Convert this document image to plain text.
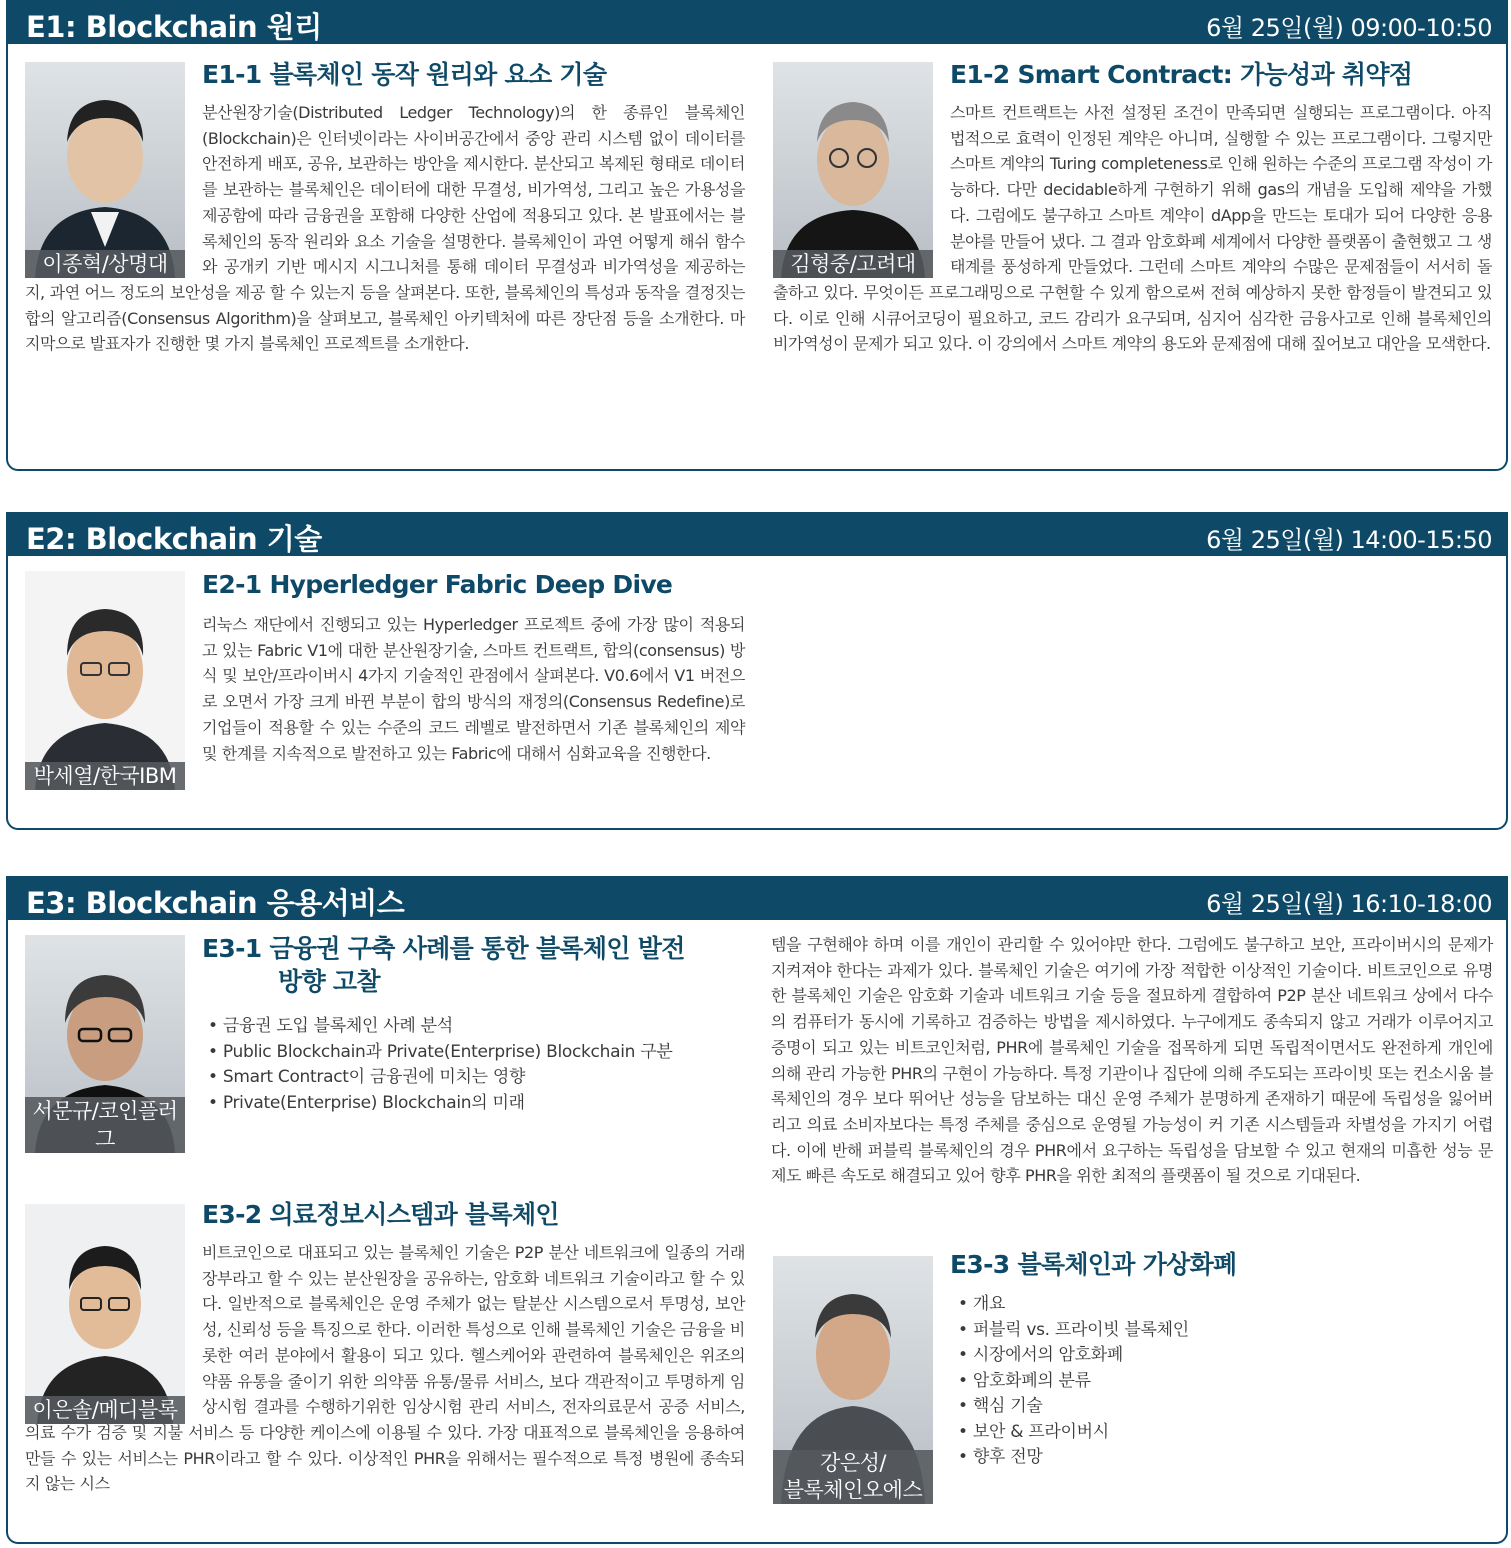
E1: Blockchain 원리	6월 25일(월) 09:00-10:50
이종혁/상명대
E1-1 블록체인 동작 원리와 요소 기술

분산원장기술(Distributed Ledger Technology)의 한 종류인 블록체인(Blockchain)은 인터넷이라는 사이버공간에서 중앙 관리 시스템 없이 데이터를 안전하게 배포, 공유, 보관하는 방안을 제시한다. 분산되고 복제된 형태로 데이터를 보관하는 블록체인은 데이터에 대한 무결성, 비가역성, 그리고 높은 가용성을 제공함에 따라 금융권을 포함해 다양한 산업에 적용되고 있다. 본 발표에서는 블록체인의 동작 원리와 요소 기술을 설명한다. 블록체인이 과연 어떻게 해쉬 함수와 공개키 기반 메시지 시그니처를 통해 데이터 무결성과 비가역성을 제공하는지, 과연 어느 정도의 보안성을 제공 할 수 있는지 등을 살펴본다. 또한, 블록체인의 특성과 동작을 결정짓는 합의 알고리즘(Consensus Algorithm)을 살펴보고, 블록체인 아키텍처에 따른 장단점 등을 소개한다. 마지막으로 발표자가 진행한 몇 가지 블록체인 프로젝트를 소개한다.

김형중/고려대
E1-2 Smart Contract: 가능성과 취약점

스마트 컨트랙트는 사전 설정된 조건이 만족되면 실행되는 프로그램이다. 아직 법적으로 효력이 인정된 계약은 아니며, 실행할 수 있는 프로그램이다. 그렇지만 스마트 계약의 Turing completeness로 인해 원하는 수준의 프로그램 작성이 가능하다. 다만 decidable하게 구현하기 위해 gas의 개념을 도입해 제약을 가했다. 그럼에도 불구하고 스마트 계약이 dApp을 만드는 토대가 되어 다양한 응용분야를 만들어 냈다. 그 결과 암호화폐 세계에서 다양한 플랫폼이 출현했고 그 생태계를 풍성하게 만들었다. 그런데 스마트 계약의 수많은 문제점들이 서서히 돌출하고 있다. 무엇이든 프로그래밍으로 구현할 수 있게 함으로써 전혀 예상하지 못한 함정들이 발견되고 있다. 이로 인해 시큐어코딩이 필요하고, 코드 감리가 요구되며, 심지어 심각한 금융사고로 인해 블록체인의 비가역성이 문제가 되고 있다. 이 강의에서 스마트 계약의 용도와 문제점에 대해 짚어보고 대안을 모색한다.

E2: Blockchain 기술	6월 25일(월) 14:00-15:50
박세열/한국IBM
E2-1 Hyperledger Fabric Deep Dive

리눅스 재단에서 진행되고 있는 Hyperledger 프로젝트 중에 가장 많이 적용되고 있는 Fabric V1에 대한 분산원장기술, 스마트 컨트랙트, 합의(consensus) 방식 및 보안/프라이버시 4가지 기술적인 관점에서 살펴본다. V0.6에서 V1 버전으로 오면서 가장 크게 바뀐 부분이 합의 방식의 재정의(Consensus Redefine)로 기업들이 적용할 수 있는 수준의 코드 레벨로 발전하면서 기존 블록체인의 제약 및 한계를 지속적으로 발전하고 있는 Fabric에 대해서 심화교육을 진행한다.

E3: Blockchain 응용서비스	6월 25일(월) 16:10-18:00
서문규/코인플러그
E3-1 금융권 구축 사례를 통한 블록체인 발전
방향 고찰
• 금융권 도입 블록체인 사례 분석
• Public Blockchain과 Private(Enterprise) Blockchain 구분
• Smart Contract이 금융권에 미치는 영향
• Private(Enterprise) Blockchain의 미래
이은솔/메디블록
E3-2 의료정보시스템과 블록체인

비트코인으로 대표되고 있는 블록체인 기술은 P2P 분산 네트워크에 일종의 거래 장부라고 할 수 있는 분산원장을 공유하는, 암호화 네트워크 기술이라고 할 수 있다. 일반적으로 블록체인은 운영 주체가 없는 탈분산 시스템으로서 투명성, 보안성, 신뢰성 등을 특징으로 한다. 이러한 특성으로 인해 블록체인 기술은 금융을 비롯한 여러 분야에서 활용이 되고 있다. 헬스케어와 관련하여 블록체인은 위조의약품 유통을 줄이기 위한 의약품 유통/물류 서비스, 보다 객관적이고 투명하게 임상시험 결과를 수행하기위한 임상시험 관리 서비스, 전자의료문서 공증 서비스, 의료 수가 검증 및 지불 서비스 등 다양한 케이스에 이용될 수 있다. 가장 대표적으로 블록체인을 응용하여 만들 수 있는 서비스는 PHR이라고 할 수 있다. 이상적인 PHR을 위해서는 필수적으로 특정 병원에 종속되지 않는 시스

템을 구현해야 하며 이를 개인이 관리할 수 있어야만 한다. 그럼에도 불구하고 보안, 프라이버시의 문제가 지켜져야 한다는 과제가 있다. 블록체인 기술은 여기에 가장 적합한 이상적인 기술이다. 비트코인으로 유명한 블록체인 기술은 암호화 기술과 네트워크 기술 등을 절묘하게 결합하여 P2P 분산 네트워크 상에서 다수의 컴퓨터가 동시에 기록하고 검증하는 방법을 제시하였다. 누구에게도 종속되지 않고 거래가 이루어지고 증명이 되고 있는 비트코인처럼, PHR에 블록체인 기술을 접목하게 되면 독립적이면서도 완전하게 개인에 의해 관리 가능한 PHR의 구현이 가능하다. 특정 기관이나 집단에 의해 주도되는 프라이빗 또는 컨소시움 블록체인의 경우 보다 뛰어난 성능을 담보하는 대신 운영 주체가 분명하게 존재하기 때문에 독립성을 잃어버리고 의료 소비자보다는 특정 주체를 중심으로 운영될 가능성이 커 기존 시스템들과 차별성을 가지기 어렵다. 이에 반해 퍼블릭 블록체인의 경우 PHR에서 요구하는 독립성을 담보할 수 있고 현재의 미흡한 성능 문제도 빠른 속도로 해결되고 있어 향후 PHR을 위한 최적의 플랫폼이 될 것으로 기대된다.

강은성/
블록체인오에스
E3-3 블록체인과 가상화폐
• 개요
• 퍼블릭 vs. 프라이빗 블록체인
• 시장에서의 암호화폐
• 암호화폐의 분류
• 핵심 기술
• 보안 & 프라이버시
• 향후 전망
